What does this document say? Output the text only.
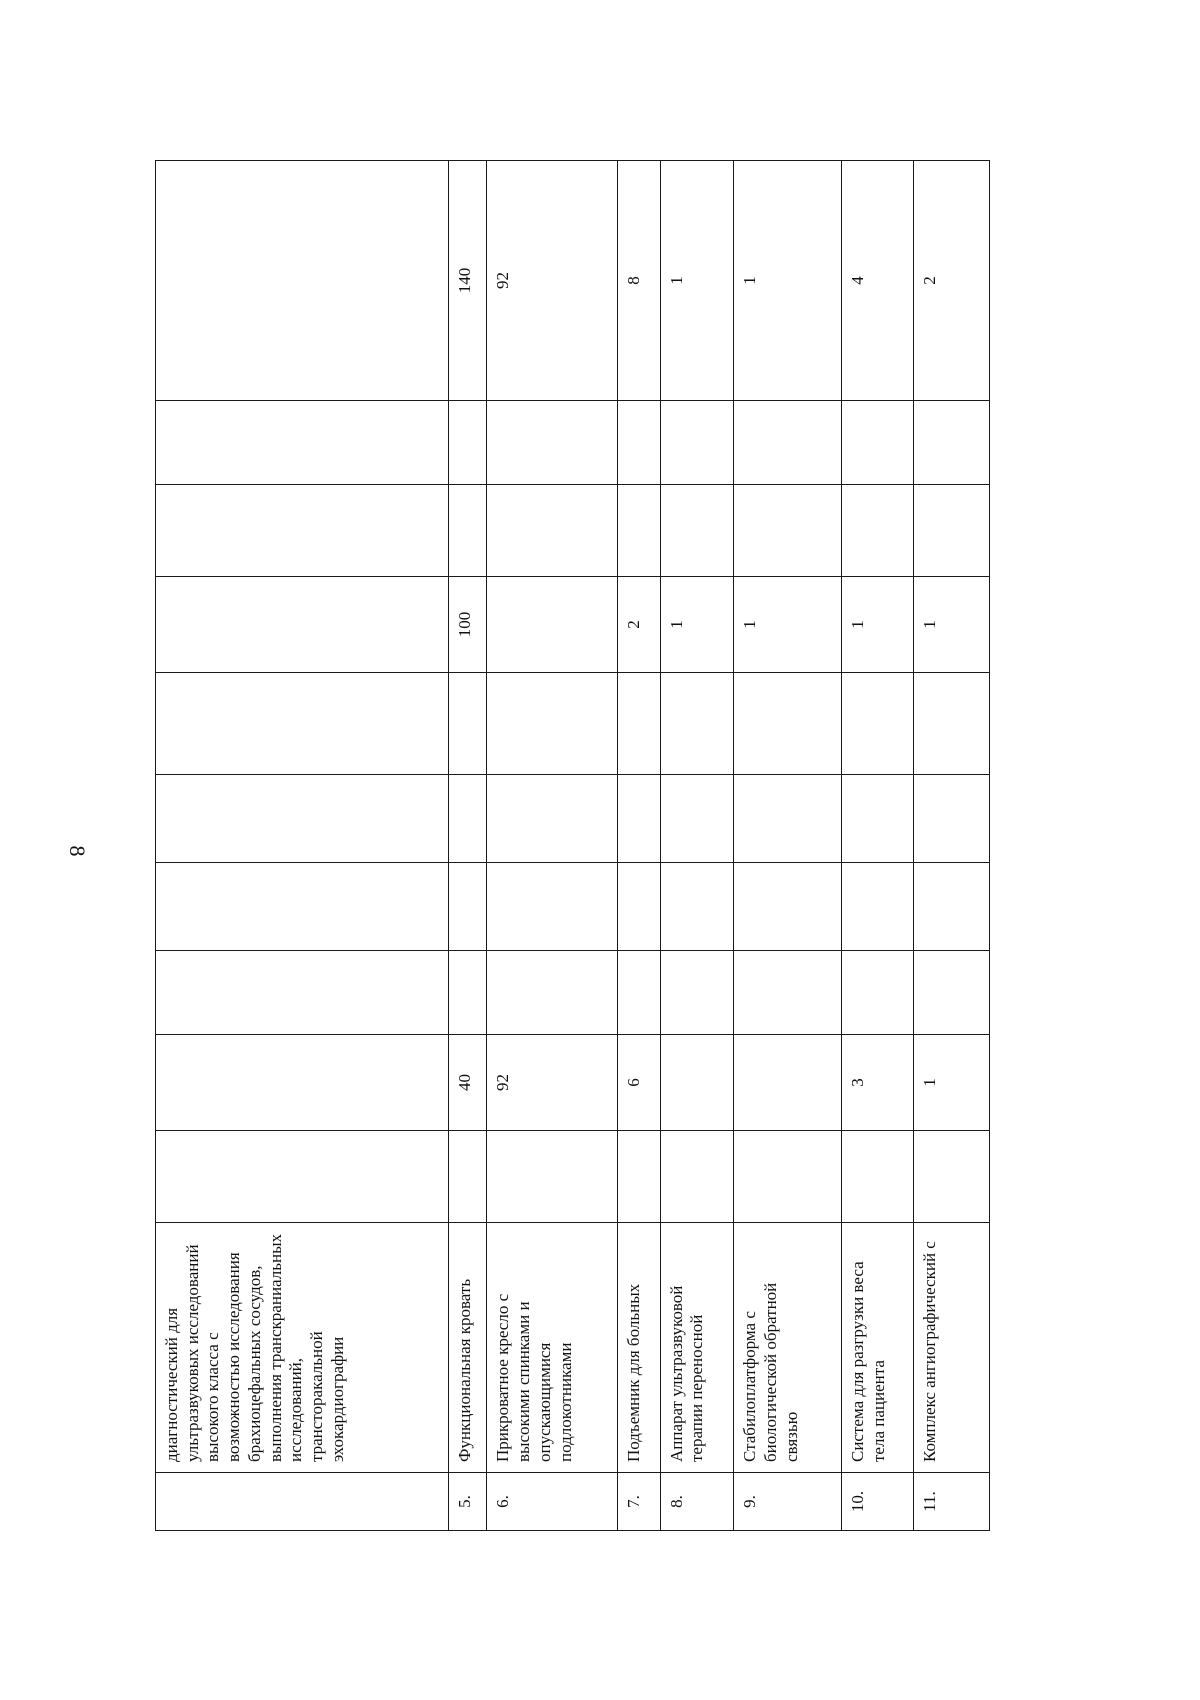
8
	диагностический для ультразвуковых исследований высокого класса с возможностью исследования брахиоцефальных сосудов, выполнения транскраниальных исследований, трансторакальной эхокардиографии										
5.	Функциональная кровать		40					100			140
6.	Прикроватное кресло с высокими спинками и опускающимися подлокотниками		92								92
7.	Подъемник для больных		6					2			8
8.	Аппарат ультразвуковой терапии переносной							1			1
9.	Стабилоплатформа с биологической обратной связью							1			1
10.	Система для разгрузки веса тела пациента		3					1			4
11.	Комплекс ангиографический с		1					1			2
